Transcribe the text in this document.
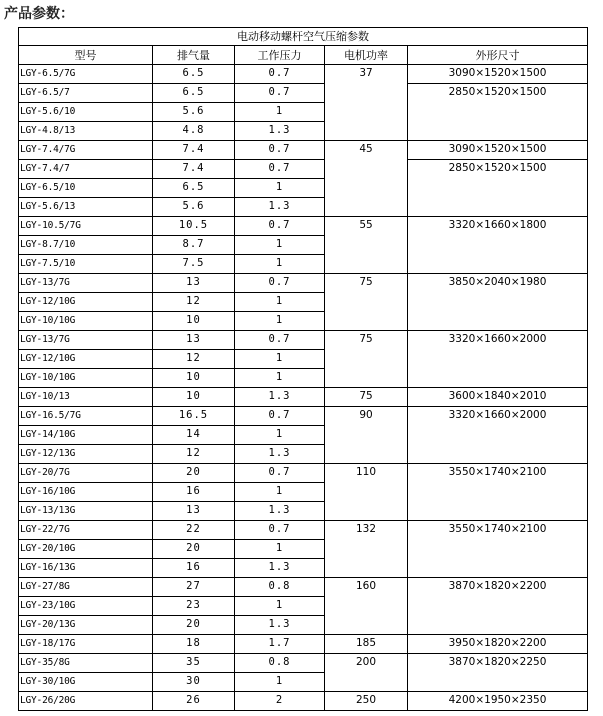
产品参数：
电动移动螺杆空气压缩参数				
型号	排气量	工作压力	电机功率	外形尺寸
LGY-6.5/7G	6.5	0.7	37	3090×1520×1500
LGY-6.5/7	6.5	0.7		2850×1520×1500
LGY-5.6/10	5.6	1		
LGY-4.8/13	4.8	1.3		
LGY-7.4/7G	7.4	0.7	45	3090×1520×1500
LGY-7.4/7	7.4	0.7		2850×1520×1500
LGY-6.5/10	6.5	1		
LGY-5.6/13	5.6	1.3		
LGY-10.5/7G	10.5	0.7	55	3320×1660×1800
LGY-8.7/10	8.7	1		
LGY-7.5/10	7.5	1		
LGY-13/7G	13	0.7	75	3850×2040×1980
LGY-12/10G	12	1		
LGY-10/10G	10	1		
LGY-13/7G	13	0.7	75	3320×1660×2000
LGY-12/10G	12	1		
LGY-10/10G	10	1		
LGY-10/13	10	1.3	75	3600×1840×2010
LGY-16.5/7G	16.5	0.7	90	3320×1660×2000
LGY-14/10G	14	1		
LGY-12/13G	12	1.3		
LGY-20/7G	20	0.7	110	3550×1740×2100
LGY-16/10G	16	1		
LGY-13/13G	13	1.3		
LGY-22/7G	22	0.7	132	3550×1740×2100
LGY-20/10G	20	1		
LGY-16/13G	16	1.3		
LGY-27/8G	27	0.8	160	3870×1820×2200
LGY-23/10G	23	1		
LGY-20/13G	20	1.3		
LGY-18/17G	18	1.7	185	3950×1820×2200
LGY-35/8G	35	0.8	200	3870×1820×2250
LGY-30/10G	30	1		
LGY-26/20G	26	2	250	4200×1950×2350
